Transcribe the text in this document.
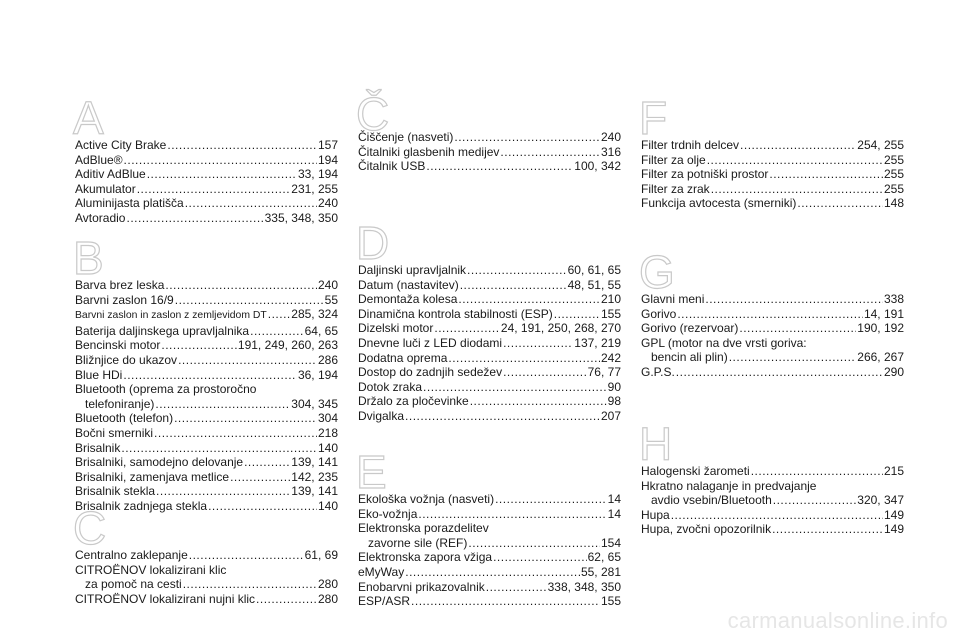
A
Active City Brake .....	157
AdBlue® .....	194
Aditiv AdBlue .....	33, 194
Akumulator .....	231, 255
Aluminijasta platišča .....	240
Avtoradio .....	335, 348, 350
B
Barva brez leska .....	240
Barvni zaslon 16/9 .....	55
Barvni zaslon in zaslon z zemljevidom DT ..... 285, 324
Baterija daljinskega upravljalnika .....	64, 65
Bencinski motor .....	191, 249, 260, 263
Bližnjice do ukazov .....	286
Blue HDi .....	36, 194
Bluetooth (oprema za prostoročno
telefoniranje) .....	304, 345
Bluetooth (telefon) .....	304
Bočni smerniki .....	218
Brisalnik .....	140
Brisalniki, samodejno delovanje .....	139, 141
Brisalniki, zamenjava metlice .....	142, 235
Brisalnik stekla .....	139, 141
Brisalnik zadnjega stekla .....	140
C
Centralno zaklepanje .....	61, 69
CITROËNOV lokalizirani klic
za pomoč na cesti .....	280
CITROËNOV lokalizirani nujni klic .....	280
Č
Čiščenje (nasveti) .....	240
Čitalniki glasbenih medijev .....	316
Čitalnik USB .....	100, 342
D
Daljinski upravljalnik .....	60, 61, 65
Datum (nastavitev) .....	48, 51, 55
Demontaža kolesa .....	210
Dinamična kontrola stabilnosti (ESP) .....	155
Dizelski motor .....	24, 191, 250, 268, 270
Dnevne luči z LED diodami .....	137, 219
Dodatna oprema .....	242
Dostop do zadnjih sedežev .....	76, 77
Dotok zraka .....	90
Držalo za pločevinke .....	98
Dvigalka .....	207
E
Ekološka vožnja (nasveti) .....	14
Eko-vožnja .....	14
Elektronska porazdelitev
zavorne sile (REF) .....	154
Elektronska zapora vžiga .....	62, 65
eMyWay .....	55, 281
Enobarvni prikazovalnik .....	338, 348, 350
ESP/ASR .....	155
F
Filter trdnih delcev .....	254, 255
Filter za olje .....	255
Filter za potniški prostor .....	255
Filter za zrak .....	255
Funkcija avtocesta (smerniki) .....	148
G
Glavni meni .....	338
Gorivo .....	14, 191
Gorivo (rezervoar) .....	190, 192
GPL (motor na dve vrsti goriva:
bencin ali plin) .....	266, 267
G.P.S. .....	290
H
Halogenski žarometi .....	215
Hkratno nalaganje in predvajanje
avdio vsebin/Bluetooth .....	320, 347
Hupa .....	149
Hupa, zvočni opozorilnik .....	149
carmanualsonline.info
